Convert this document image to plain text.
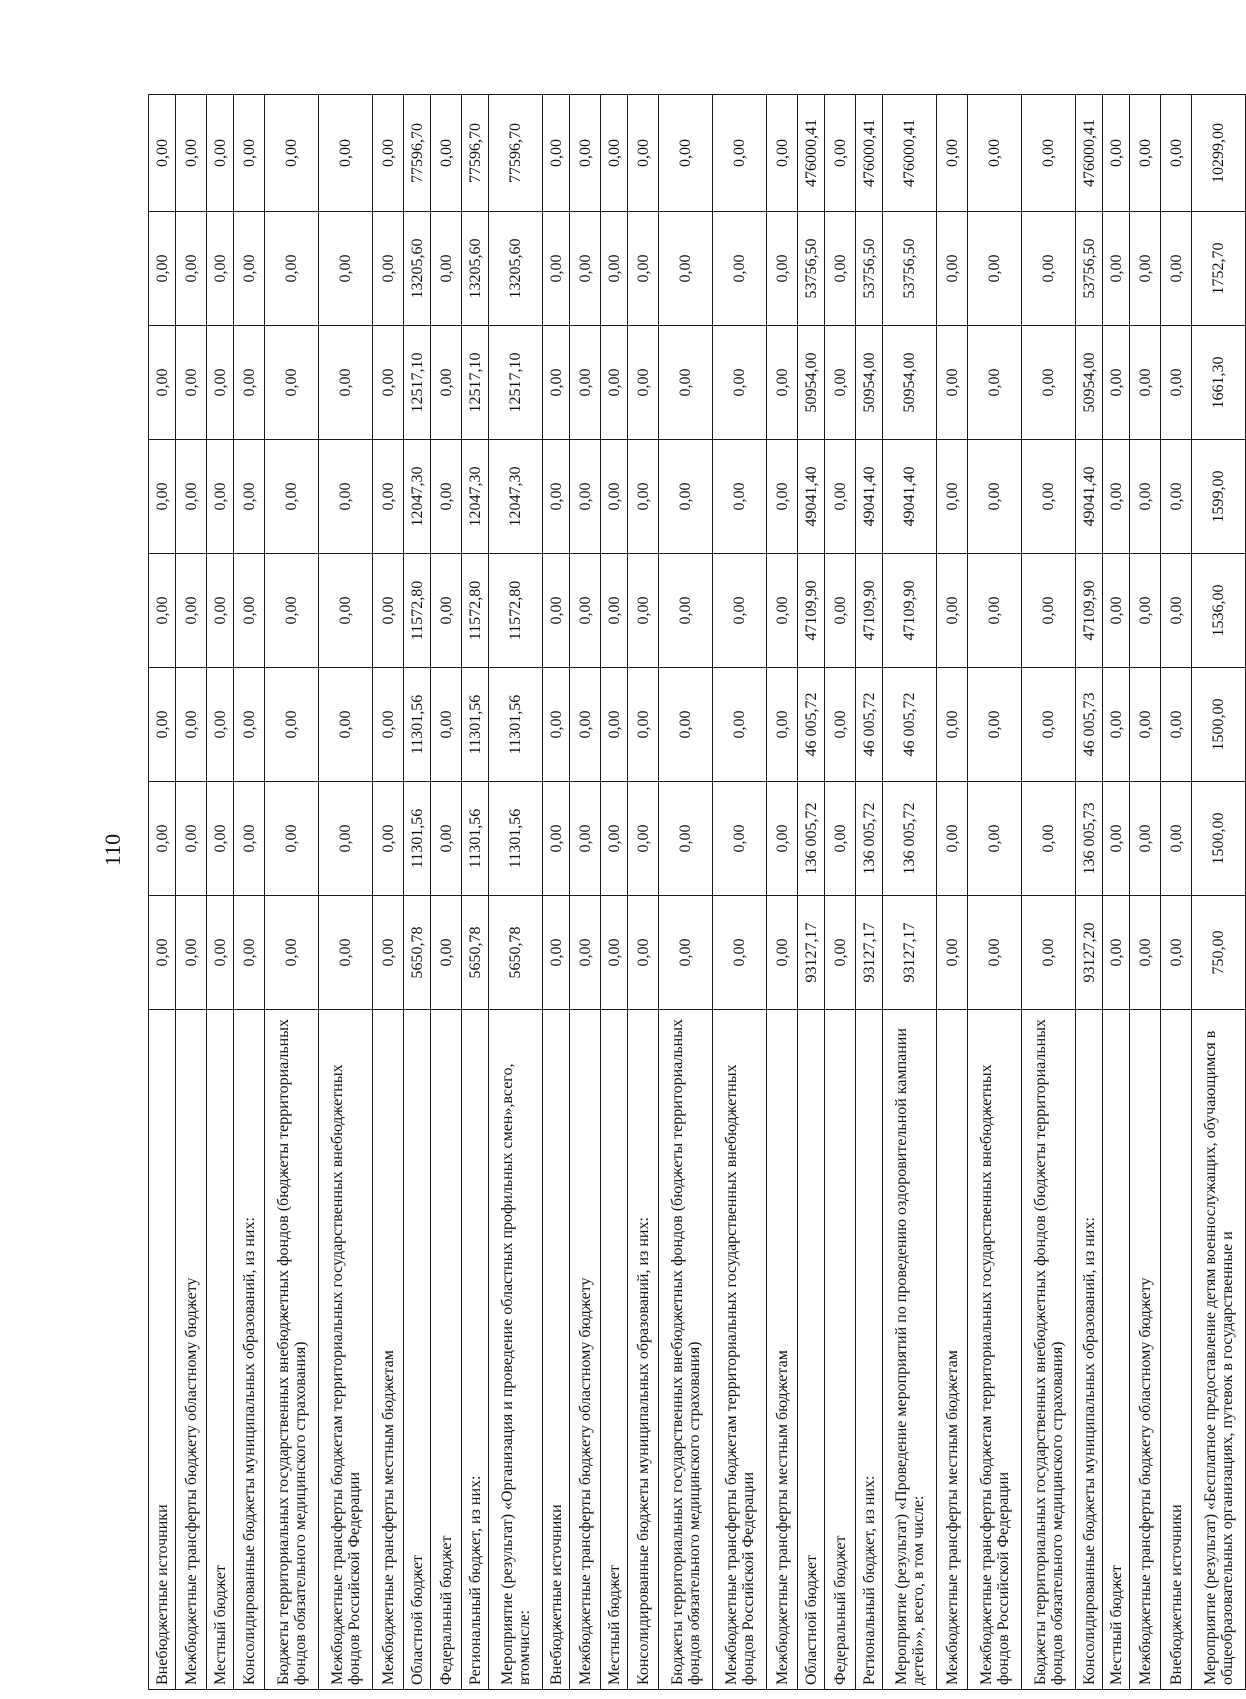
110
Внебюджетные источники	0,00	0,00	0,00	0,00	0,00	0,00	0,00	0,00
Межбюджетные трансферты бюджету областному бюджету	0,00	0,00	0,00	0,00	0,00	0,00	0,00	0,00
Местный бюджет	0,00	0,00	0,00	0,00	0,00	0,00	0,00	0,00
Консолидированные бюджеты муниципальных образований, из них:	0,00	0,00	0,00	0,00	0,00	0,00	0,00	0,00
Бюджеты территориальных государственных внебюджетных фондов (бюджеты территориальных фондов обязательного медицинского страхования)	0,00	0,00	0,00	0,00	0,00	0,00	0,00	0,00
Межбюджетные трансферты бюджетам территориальных государственных внебюджетных фондов Российской Федерации	0,00	0,00	0,00	0,00	0,00	0,00	0,00	0,00
Межбюджетные трансферты местным бюджетам	0,00	0,00	0,00	0,00	0,00	0,00	0,00	0,00
Областной бюджет	5650,78	11301,56	11301,56	11572,80	12047,30	12517,10	13205,60	77596,70
Федеральный бюджет	0,00	0,00	0,00	0,00	0,00	0,00	0,00	0,00
Региональный бюджет, из них:	5650,78	11301,56	11301,56	11572,80	12047,30	12517,10	13205,60	77596,70
Мероприятие (результат) «Организация и проведение областных профильных смен»,всего, втомчисле:	5650,78	11301,56	11301,56	11572,80	12047,30	12517,10	13205,60	77596,70
Внебюджетные источники	0,00	0,00	0,00	0,00	0,00	0,00	0,00	0,00
Межбюджетные трансферты бюджету областному бюджету	0,00	0,00	0,00	0,00	0,00	0,00	0,00	0,00
Местный бюджет	0,00	0,00	0,00	0,00	0,00	0,00	0,00	0,00
Консолидированные бюджеты муниципальных образований, из них:	0,00	0,00	0,00	0,00	0,00	0,00	0,00	0,00
Бюджеты территориальных государственных внебюджетных фондов (бюджеты территориальных фондов обязательного медицинского страхования)	0,00	0,00	0,00	0,00	0,00	0,00	0,00	0,00
Межбюджетные трансферты бюджетам территориальных государственных внебюджетных фондов Российской Федерации	0,00	0,00	0,00	0,00	0,00	0,00	0,00	0,00
Межбюджетные трансферты местным бюджетам	0,00	0,00	0,00	0,00	0,00	0,00	0,00	0,00
Областной бюджет	93127,17	136 005,72	46 005,72	47109,90	49041,40	50954,00	53756,50	476000,41
Федеральный бюджет	0,00	0,00	0,00	0,00	0,00	0,00	0,00	0,00
Региональный бюджет, из них:	93127,17	136 005,72	46 005,72	47109,90	49041,40	50954,00	53756,50	476000,41
Мероприятие (результат) «Проведение мероприятий по проведению оздоровительной кампании детей»», всего, в том числе:	93127,17	136 005,72	46 005,72	47109,90	49041,40	50954,00	53756,50	476000,41
Межбюджетные трансферты местным бюджетам	0,00	0,00	0,00	0,00	0,00	0,00	0,00	0,00
Межбюджетные трансферты бюджетам территориальных государственных внебюджетных фондов Российской Федерации	0,00	0,00	0,00	0,00	0,00	0,00	0,00	0,00
Бюджеты территориальных государственных внебюджетных фондов (бюджеты территориальных фондов обязательного медицинского страхования)	0,00	0,00	0,00	0,00	0,00	0,00	0,00	0,00
Консолидированные бюджеты муниципальных образований, из них:	93127,20	136 005,73	46 005,73	47109,90	49041,40	50954,00	53756,50	476000,41
Местный бюджет	0,00	0,00	0,00	0,00	0,00	0,00	0,00	0,00
Межбюджетные трансферты бюджету областному бюджету	0,00	0,00	0,00	0,00	0,00	0,00	0,00	0,00
Внебюджетные источники	0,00	0,00	0,00	0,00	0,00	0,00	0,00	0,00
Мероприятие (результат) «Бесплатное предоставление детям военнослужащих, обучающимся в общеобразовательных организациях, путевок в государственные и	750,00	1500,00	1500,00	1536,00	1599,00	1661,30	1752,70	10299,00
